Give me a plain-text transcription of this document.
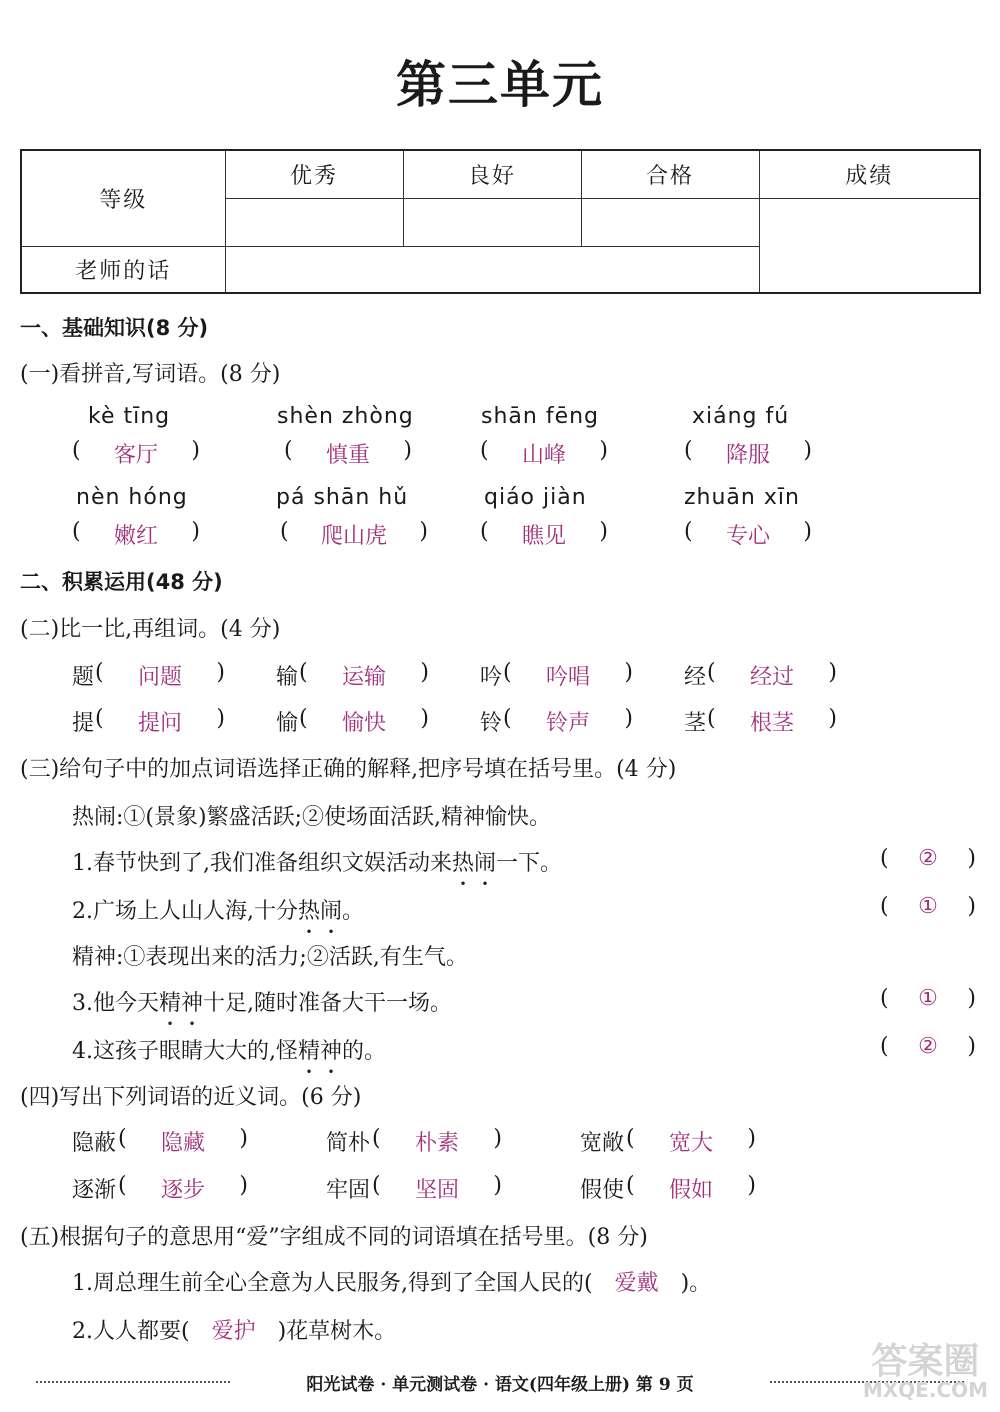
第三单元
等级	优秀	良好	合格	成绩

老师的话				
一、基础知识(8 分)
(一)看拼音,写词语。(8 分)
kè tīng	shèn zhòng	shān fēng	xiáng fú
(	客厅	)	(	慎重	)	(	山峰	)	(	降服	)
nèn hóng	pá shān hǔ	qiáo jiàn	zhuān xīn
(	嫩红	)	(	爬山虎	) (	瞧见	)	(	专心	)
二、积累运用(48 分)
(二)比一比,再组词。(4 分)
题 (	问题	) 输 (	运输	) 吟 (	吟唱	) 经 (	经过	)
提 (	提问	) 愉 (	愉快	) 铃 (	铃声	) 茎 (	根茎	)
(三)给句子中的加点词语选择正确的解释,把序号填在括号里。(4 分)
热闹:①(景象)繁盛活跃;②使场面活跃,精神愉快。
1.春节快到了,我们准备组织文娱活动来热闹一下。	(	②	)
2.广场上人山人海,十分热闹。	(	①	)
精神:①表现出来的活力;②活跃,有生气。
3.他今天精神十足,随时准备大干一场。	(	①	)
4.这孩子眼睛大大的,怪精神的。	(	②	)
(四)写出下列词语的近义词。(6 分)
隐蔽 (	隐藏	)	简朴 (	朴素	)	宽敞 (	宽大	)
逐渐 (	逐步	)	牢固 (	坚固	)	假使 (	假如	)
(五)根据句子的意思用“爱”字组成不同的词语填在括号里。(8 分)
1.周总理生前全心全意为人民服务,得到了全国人民的( 爱戴 )。
2.人人都要( 爱护 )花草树木。
阳光试卷 · 单元测试卷 · 语文(四年级上册) 第 9 页
答案圈
MXQE.COM
